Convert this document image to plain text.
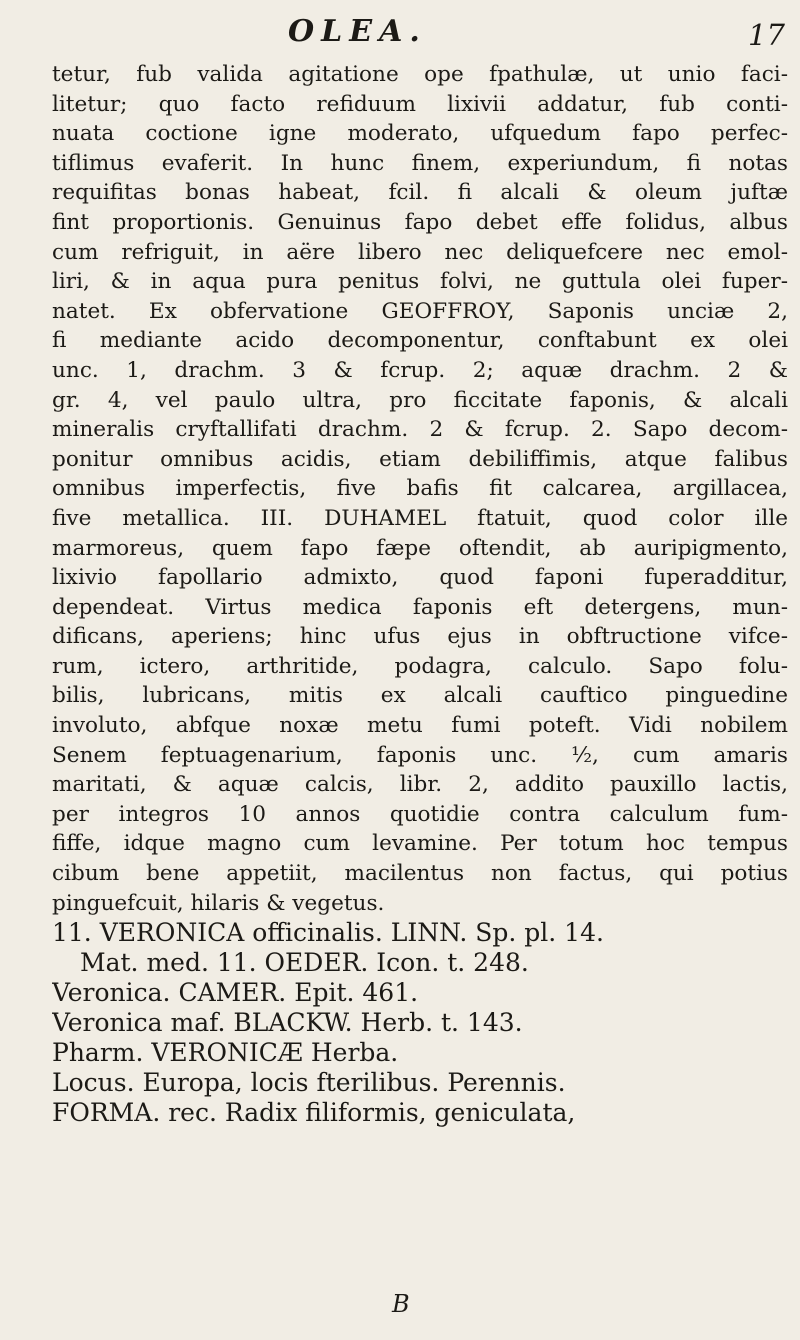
OLEA.	17
tetur, fub valida agitatione ope fpathulæ, ut unio faci-
litetur; quo facto refiduum lixivii addatur, fub conti-
nuata coctione igne moderato, ufquedum fapo perfec-
tiflimus evaferit. In hunc finem, experiundum, fi notas
requifitas bonas habeat, fcil. fi alcali & oleum juftæ
fint proportionis. Genuinus fapo debet effe folidus, albus
cum refriguit, in aëre libero nec deliquefcere nec emol-
liri, & in aqua pura penitus folvi, ne guttula olei fuper-
natet. Ex obfervatione GEOFFROY, Saponis unciæ 2,
fi mediante acido decomponentur, conftabunt ex olei
unc. 1, drachm. 3 & fcrup. 2; aquæ drachm. 2 &
gr. 4, vel paulo ultra, pro ficcitate faponis, & alcali
mineralis cryftallifati drachm. 2 & fcrup. 2. Sapo decom-
ponitur omnibus acidis, etiam debiliffimis, atque falibus
omnibus imperfectis, five bafis fit calcarea, argillacea,
five metallica. III. DUHAMEL ftatuit, quod color ille
marmoreus, quem fapo fæpe oftendit, ab auripigmento,
lixivio fapollario admixto, quod faponi fuperadditur,
dependeat. Virtus medica faponis eft detergens, mun-
dificans, aperiens; hinc ufus ejus in obftructione vifce-
rum, ictero, arthritide, podagra, calculo. Sapo folu-
bilis, lubricans, mitis ex alcali cauftico pinguedine
involuto, abfque noxæ metu fumi poteft. Vidi nobilem
Senem feptuagenarium, faponis unc. ½, cum amaris
maritati, & aquæ calcis, libr. 2, addito pauxillo lactis,
per integros 10 annos quotidie contra calculum fum-
fiffe, idque magno cum levamine. Per totum hoc tempus
cibum bene appetiit, macilentus non factus, qui potius
pinguefcuit, hilaris & vegetus.
11. VERONICA officinalis. LINN. Sp. pl. 14.
Mat. med. 11. OEDER. Icon. t. 248.
Veronica. CAMER. Epit. 461.
Veronica maf. BLACKW. Herb. t. 143.
Pharm. VERONICÆ Herba.
Locus. Europa, locis fterilibus. Perennis.
FORMA. rec. Radix filiformis, geniculata,
B
